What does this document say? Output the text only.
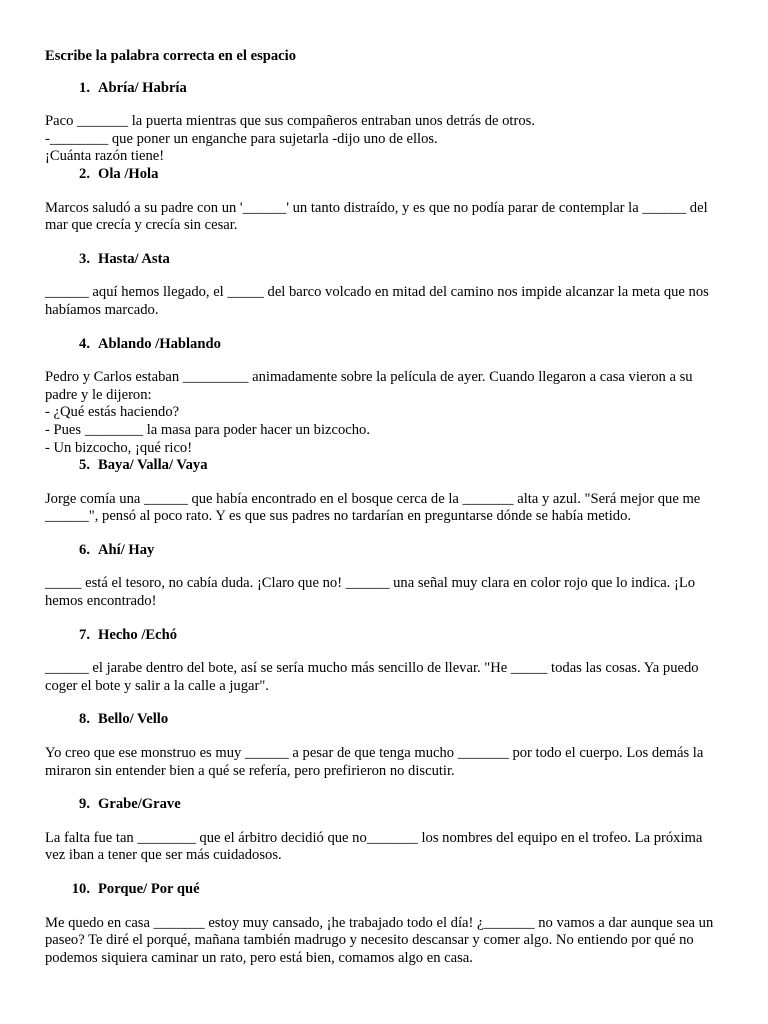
Escribe la palabra correcta en el espacio
1. Abría/ Habría
Paco _______ la puerta mientras que sus compañeros entraban unos detrás de otros.
-________ que poner un enganche para sujetarla -dijo uno de ellos.
¡Cuánta razón tiene!
2. Ola /Hola
Marcos saludó a su padre con un '______' un tanto distraído, y es que no podía parar de contemplar la ______ del mar que crecía y crecía sin cesar.
3. Hasta/ Asta
______ aquí hemos llegado, el _____ del barco volcado en mitad del camino nos impide alcanzar la meta que nos habíamos marcado.
4. Ablando /Hablando
Pedro y Carlos estaban _________ animadamente sobre la película de ayer. Cuando llegaron a casa vieron a su padre y le dijeron:
- ¿Qué estás haciendo?
- Pues ________ la masa para poder hacer un bizcocho.
- Un bizcocho, ¡qué rico!
5. Baya/ Valla/ Vaya
Jorge comía una ______ que había encontrado en el bosque cerca de la _______ alta y azul. "Será mejor que me ______", pensó al poco rato. Y es que sus padres no tardarían en preguntarse dónde se había metido.
6. Ahí/ Hay
_____ está el tesoro, no cabía duda. ¡Claro que no! ______ una señal muy clara en color rojo que lo indica. ¡Lo hemos encontrado!
7. Hecho /Echó
______ el jarabe dentro del bote, así se sería mucho más sencillo de llevar. "He _____ todas las cosas. Ya puedo coger el bote y salir a la calle a jugar".
8. Bello/ Vello
Yo creo que ese monstruo es muy ______ a pesar de que tenga mucho _______ por todo el cuerpo. Los demás la miraron sin entender bien a qué se refería, pero prefirieron no discutir.
9. Grabe/Grave
La falta fue tan ________ que el árbitro decidió que no_______ los nombres del equipo en el trofeo. La próxima vez iban a tener que ser más cuidadosos.
10. Porque/ Por qué
Me quedo en casa _______ estoy muy cansado, ¡he trabajado todo el día! ¿_______ no vamos a dar aunque sea un paseo? Te diré el porqué, mañana también madrugo y necesito descansar y comer algo. No entiendo por qué no podemos siquiera caminar un rato, pero está bien, comamos algo en casa.
